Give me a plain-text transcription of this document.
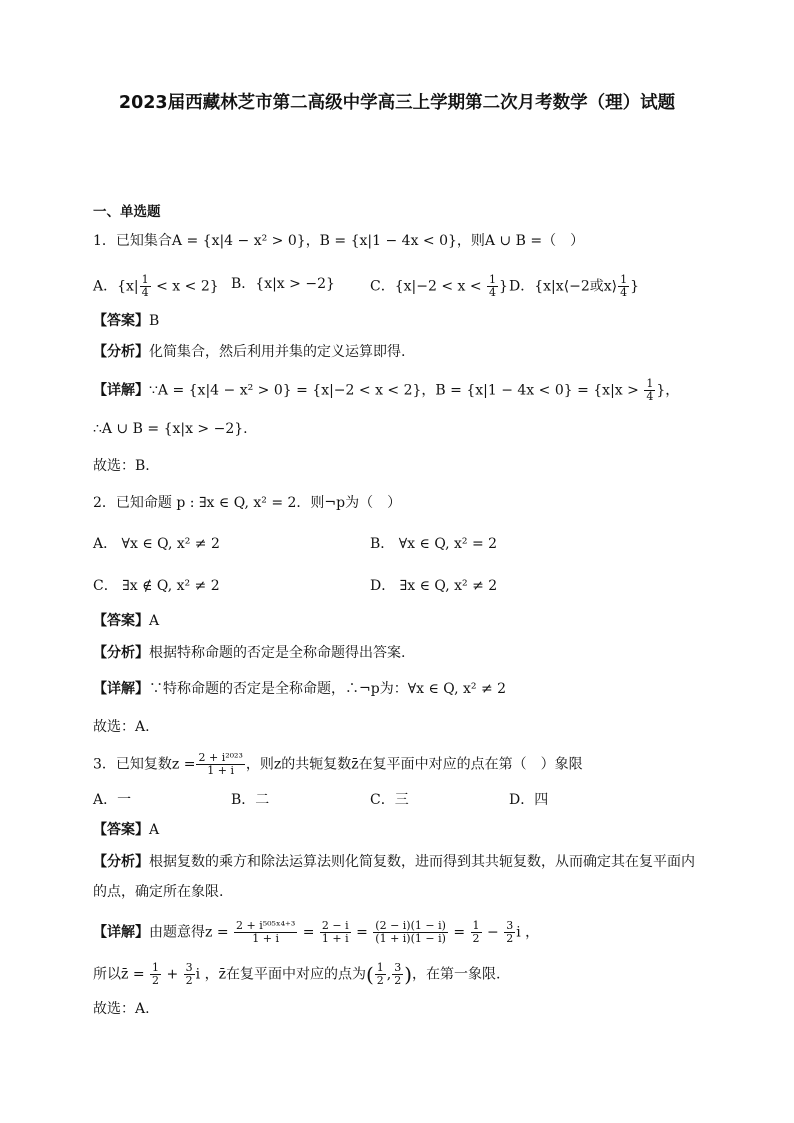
2023届西藏林芝市第二高级中学高三上学期第二次月考数学（理）试题
一、单选题
1．已知集合A = {x|4 − x² > 0}，B = {x|1 − 4x < 0}，则A ∪ B =（　）
A．$\{x| \frac{1}{4} < x < 2\}$ B．{x|x > −2}	C．{$x|-2 < x < \frac{1}{4}$ } D．{x|x⟨−2或x⟩ $\frac{1}{4}$ }
【答案】B
【分析】化简集合，然后利用并集的定义运算即得.
【详解】∵A = {x|4 − x² > 0} = {x|−2 < x < 2}，$B = \{x|1 - 4x < 0\} = \{x|x > \frac{1}{4}$ }，
∴A ∪ B = {x|x > −2}.
故选：B.
2．已知命题 p : ∃x ∈ Q, x² = 2．则¬p为（　）
A． ∀x ∈ Q, x² ≠ 2	B． ∀x ∈ Q, x² = 2
C． ∃x ∉ Q, x² ≠ 2	D． ∃x ∈ Q, x² ≠ 2
【答案】A
【分析】根据特称命题的否定是全称命题得出答案.
【详解】∵特称命题的否定是全称命题，∴¬p为：∀x ∈ Q, x² ≠ 2
故选：A.
3．已知复数$z = \frac{\text{2 + i²⁰²³}}{1 + i}$ ，则z的共轭复数z̄在复平面中对应的点在第（　）象限
A．一	B．二	C．三	D．四
【答案】A
【分析】根据复数的乘方和除法运算法则化简复数，进而得到其共轭复数，从而确定其在复平面内
的点，确定所在象限.
【详解】由题意得$z = \frac{\text{2 + i⁵⁰⁵ˣ⁴⁺³}}{1 + i} = \frac{2 - i}{1 + i} = \frac{(2 - i)(1 - i)}{(1 + i)(1 - i)} = \frac{1}{2} - \frac{3}{2}$ i ，
所以z̄ = $\frac{1}{2} + \frac{3}{2}$ i ，z̄在复平面中对应的点为( $\frac{1}{2}$ , $\frac{3}{2}$ )，在第一象限.
故选：A.
